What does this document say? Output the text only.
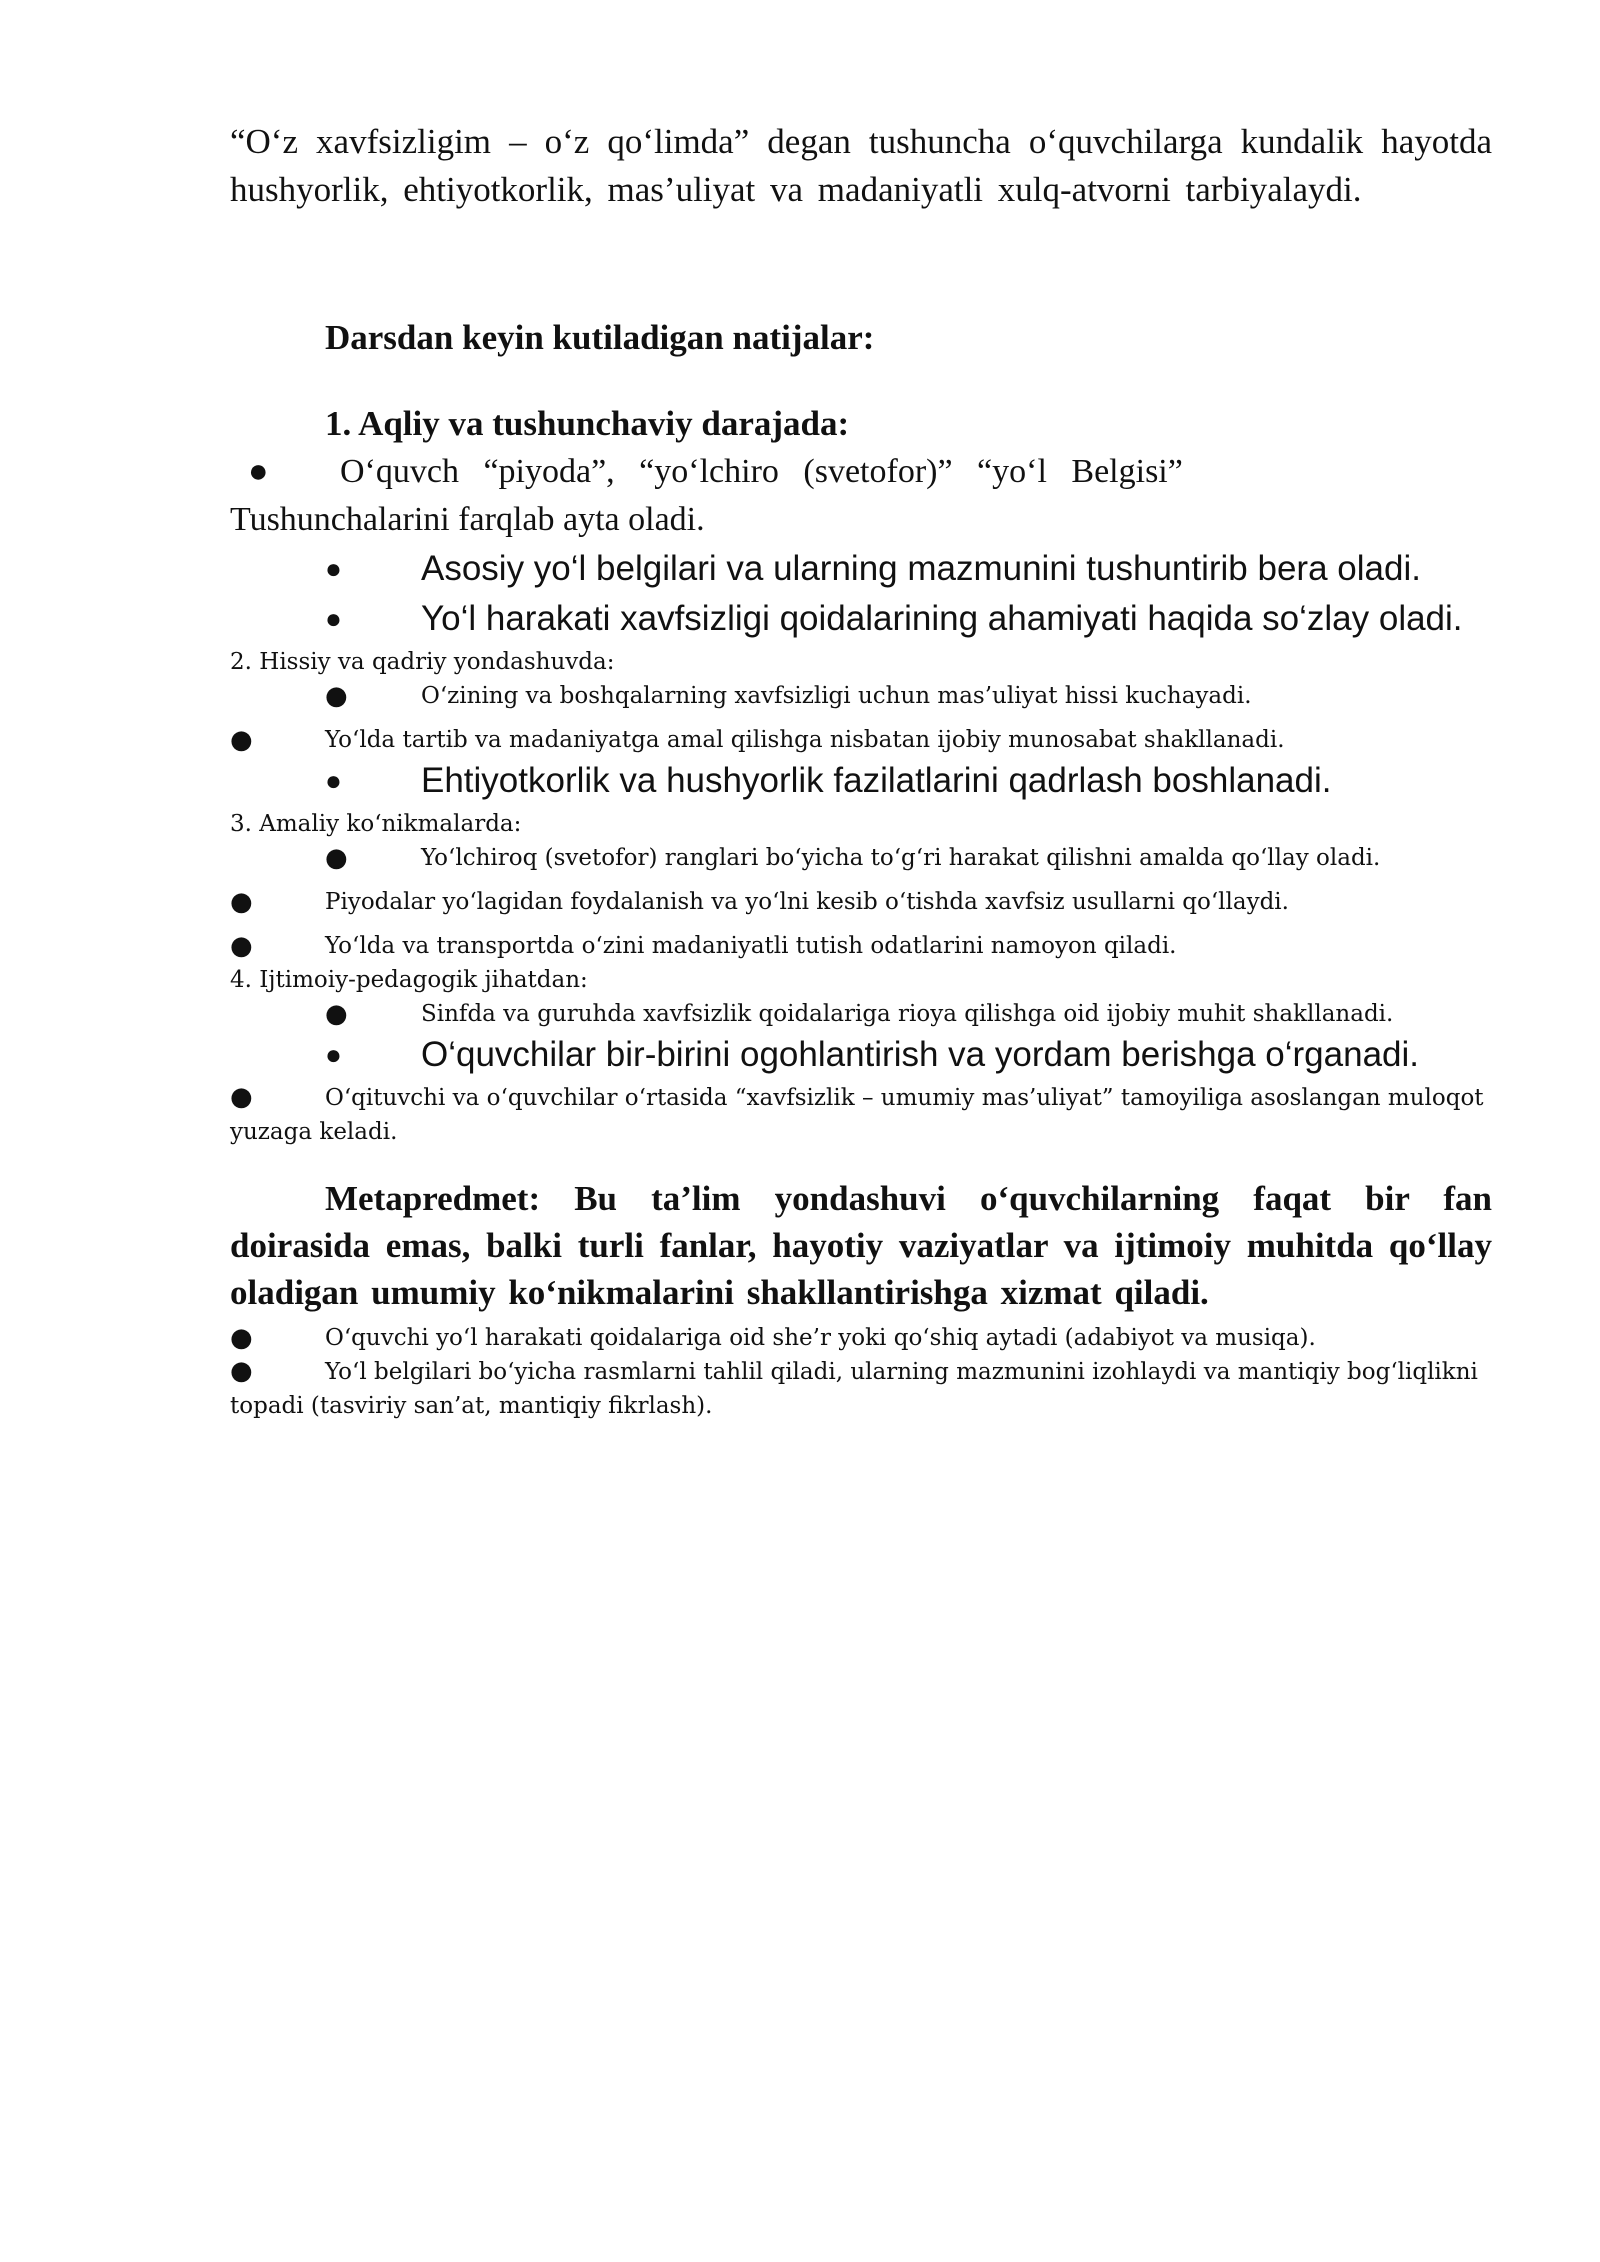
“O‘z xavfsizligim – o‘z qo‘limda” degan tushuncha o‘quvchilarga kundalik hayotda hushyorlik, ehtiyotkorlik, mas’uliyat va madaniyatli xulq-atvorni tarbiyalaydi.

Darsdan keyin kutiladigan natijalar:

1. Aqliy va tushunchaviy darajada:

●	O‘quvch “piyoda”, “yo‘lchiro (svetofor)” “yo‘l Belgisi”

Tushunchalarini farqlab ayta oladi.

●	Asosiy yo‘l belgilari va ularning mazmunini tushuntirib bera oladi.
●	Yo‘l harakati xavfsizligi qoidalarining ahamiyati haqida so‘zlay oladi.

2. Hissiy va qadriy yondashuvda:

●	O‘zining va boshqalarning xavfsizligi uchun mas’uliyat hissi kuchayadi.
●	Yo‘lda tartib va madaniyatga amal qilishga nisbatan ijobiy munosabat shakllanadi.
●	Ehtiyotkorlik va hushyorlik fazilatlarini qadrlash boshlanadi.

3. Amaliy ko‘nikmalarda:

●	Yo‘lchiroq (svetofor) ranglari bo‘yicha to‘g‘ri harakat qilishni amalda qo‘llay oladi.
●	Piyodalar yo‘lagidan foydalanish va yo‘lni kesib o‘tishda xavfsiz usullarni qo‘llaydi.
●	Yo‘lda va transportda o‘zini madaniyatli tutish odatlarini namoyon qiladi.

4. Ijtimoiy-pedagogik jihatdan:

●	Sinfda va guruhda xavfsizlik qoidalariga rioya qilishga oid ijobiy muhit shakllanadi.
●	O‘quvchilar bir-birini ogohlantirish va yordam berishga o‘rganadi.

●	O‘qituvchi va o‘quvchilar o‘rtasida “xavfsizlik – umumiy mas’uliyat” tamoyiliga asoslangan muloqot yuzaga keladi.

Metapredmet: Bu ta’lim yondashuvi o‘quvchilarning faqat bir fan doirasida emas, balki turli fanlar, hayotiy vaziyatlar va ijtimoiy muhitda qo‘llay oladigan umumiy ko‘nikmalarini shakllantirishga xizmat qiladi.

●	O‘quvchi yo‘l harakati qoidalariga oid she’r yoki qo‘shiq aytadi (adabiyot va musiqa).

●	Yo‘l belgilari bo‘yicha rasmlarni tahlil qiladi, ularning mazmunini izohlaydi va mantiqiy bog‘liqlikni topadi (tasviriy san’at, mantiqiy fikrlash).
